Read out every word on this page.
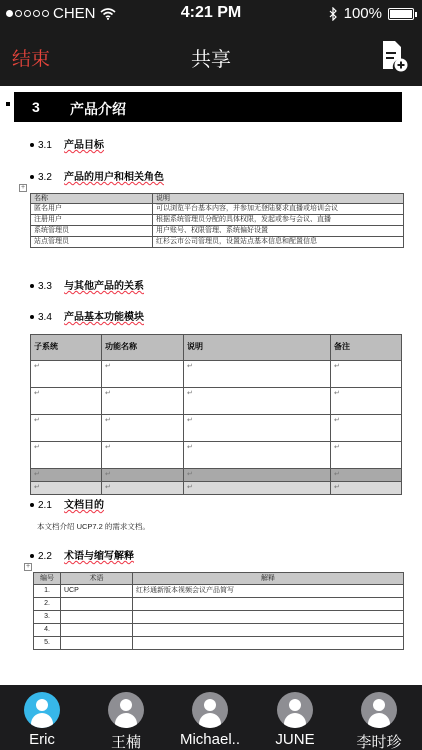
CHEN	4:21 PM	100%
结束	共享
3 产品介绍
3.1 产品目标
3.2 产品的用户和相关角色
+
名称	说明
匿名用户	可以浏览平台基本内容，并参加无登陆要求直播或培训会议
注册用户	根据系统管理员分配的具体权限，发起或参与会议、直播
系统管理员	用户账号、权限管理、系统偏好设置
站点管理员	红杉云市公司管理员，设置站点基本信息和配置信息
3.3 与其他产品的关系
3.4 产品基本功能模块
子系统	功能名称	说明	备注
↵	↵	↵	↵
↵	↵	↵	↵
↵	↵	↵	↵
↵	↵	↵	↵
↵	↵	↵	↵
↵	↵	↵	↵
2.1 文档目的
本文档介绍 UCP7.2 的需求文档。
2.2 术语与缩写解释
+
编号	术语	解释
1.	UCP	红杉通新版本视频会议产品简写
2.		
3.		
4.		
5.		
Eric	王楠	Michael..	JUNE	李时珍
